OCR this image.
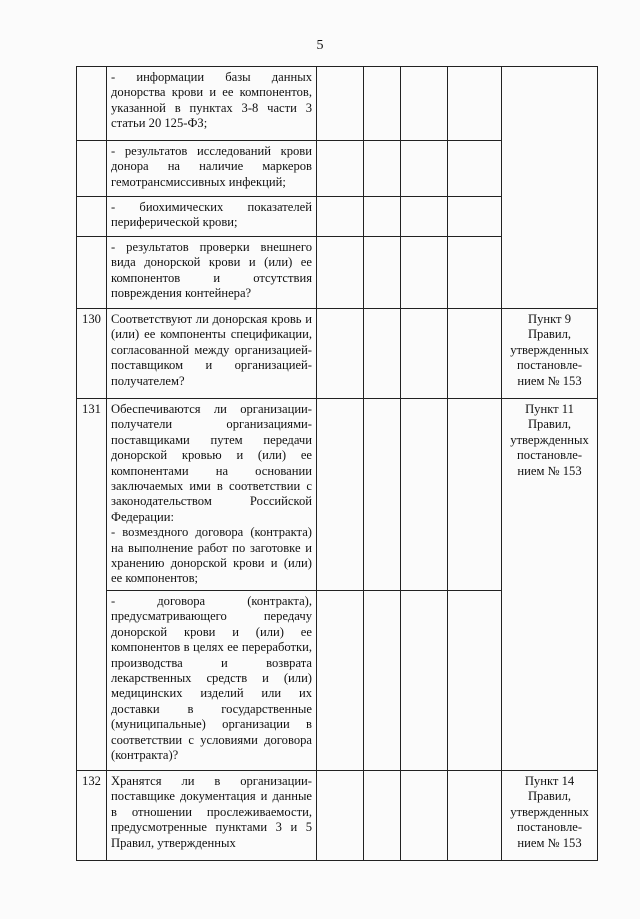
5
	- информации базы данных донорства крови и ее компонентов, указанной в пунктах 3-8 части 3 статьи 20 125-ФЗ;					
	- результатов исследований крови донора на наличие маркеров гемотрансмиссивных инфекций;					
	- биохимических показателей периферической крови;					
	- результатов проверки внешнего вида донорской крови и (или) ее компонентов и отсутствия повреждения контейнера?					
130	Соответствуют ли донорская кровь и (или) ее компоненты спецификации, согласованной между организацией-поставщиком и организацией-получателем?					Пункт 9 Правил, утвержденных постановле-нием № 153
131	Обеспечиваются ли организации-получатели организациями-поставщиками путем передачи донорской кровью и (или) ее компонентами на основании заключаемых ими в соответствии с законодательством Российской Федерации:
- возмездного договора (контракта) на выполнение работ по заготовке и хранению донорской крови и (или) ее компонентов;					Пункт 11 Правил, утвержденных постановле-нием № 153
	- договора (контракта), предусматривающего передачу донорской крови и (или) ее компонентов в целях ее переработки, производства и возврата лекарственных средств и (или) медицинских изделий или их доставки в государственные (муниципальные) организации в соответствии с условиями договора (контракта)?					
132	Хранятся ли в организации-поставщике документация и данные в отношении прослеживаемости, предусмотренные пунктами 3 и 5 Правил, утвержденных					Пункт 14 Правил, утвержденных постановле-нием № 153
